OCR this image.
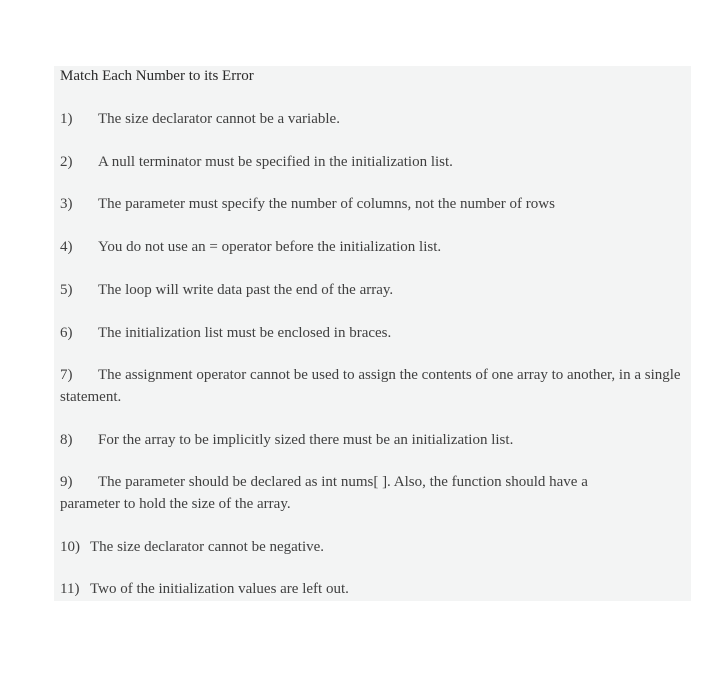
Match Each Number to its Error
1) The size declarator cannot be a variable.
2) A null terminator must be specified in the initialization list.
3) The parameter must specify the number of columns, not the number of rows
4) You do not use an = operator before the initialization list.
5) The loop will write data past the end of the array.
6) The initialization list must be enclosed in braces.
7) The assignment operator cannot be used to assign the contents of one array to another, in a single statement.
8) For the array to be implicitly sized there must be an initialization list.
9) The parameter should be declared as int nums[ ]. Also, the function should have a parameter to hold the size of the array.
10) The size declarator cannot be negative.
11) Two of the initialization values are left out.
